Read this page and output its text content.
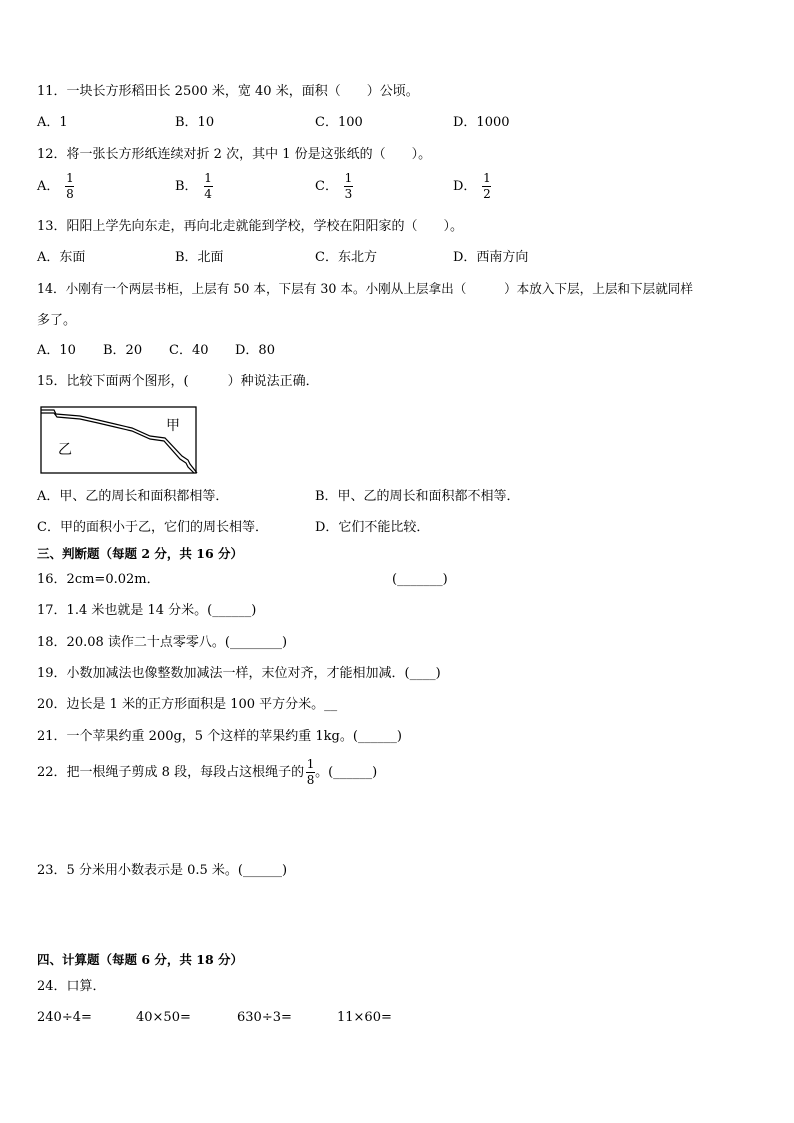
11．一块长方形稻田长 2500 米，宽 40 米，面积（　　）公顷。
A．1	B．10	C．100	D．1000
12．将一张长方形纸连续对折 2 次，其中 1 份是这张纸的（　　）。
A． $\frac{1}{8}$	B． $\frac{1}{4}$	C． $\frac{1}{3}$	D． $\frac{1}{2}$
13．阳阳上学先向东走，再向北走就能到学校，学校在阳阳家的（　　）。
A．东面	B．北面	C．东北方	D．西南方向
14．小刚有一个两层书柜，上层有 50 本，下层有 30 本。小刚从上层拿出（　　　）本放入下层，上层和下层就同样
多了。
A．10 B．20 C．40 D．80
15．比较下面两个图形，(　　　）种说法正确．
甲
乙
A．甲、乙的周长和面积都相等．	B．甲、乙的周长和面积都不相等．
C．甲的面积小于乙，它们的周长相等．	D．它们不能比较．
三、判断题（每题 2 分，共 16 分）
16．2cm=0.02m．	(_______)
17．1.4 米也就是 14 分米。(______)
18．20.08 读作二十点零零八。(________)
19．小数加减法也像整数加减法一样，末位对齐，才能相加减．(____)
20．边长是 1 米的正方形面积是 100 平方分米。__
21．一个苹果约重 200g，5 个这样的苹果约重 1kg。(______)
22．把一根绳子剪成 8 段，每段占这根绳子的 $\frac{1}{8}$ 。(______)
23．5 分米用小数表示是 0.5 米。(______)
四、计算题（每题 6 分，共 18 分）
24．口算．
240÷4=	40×50=	630÷3=	11×60=
